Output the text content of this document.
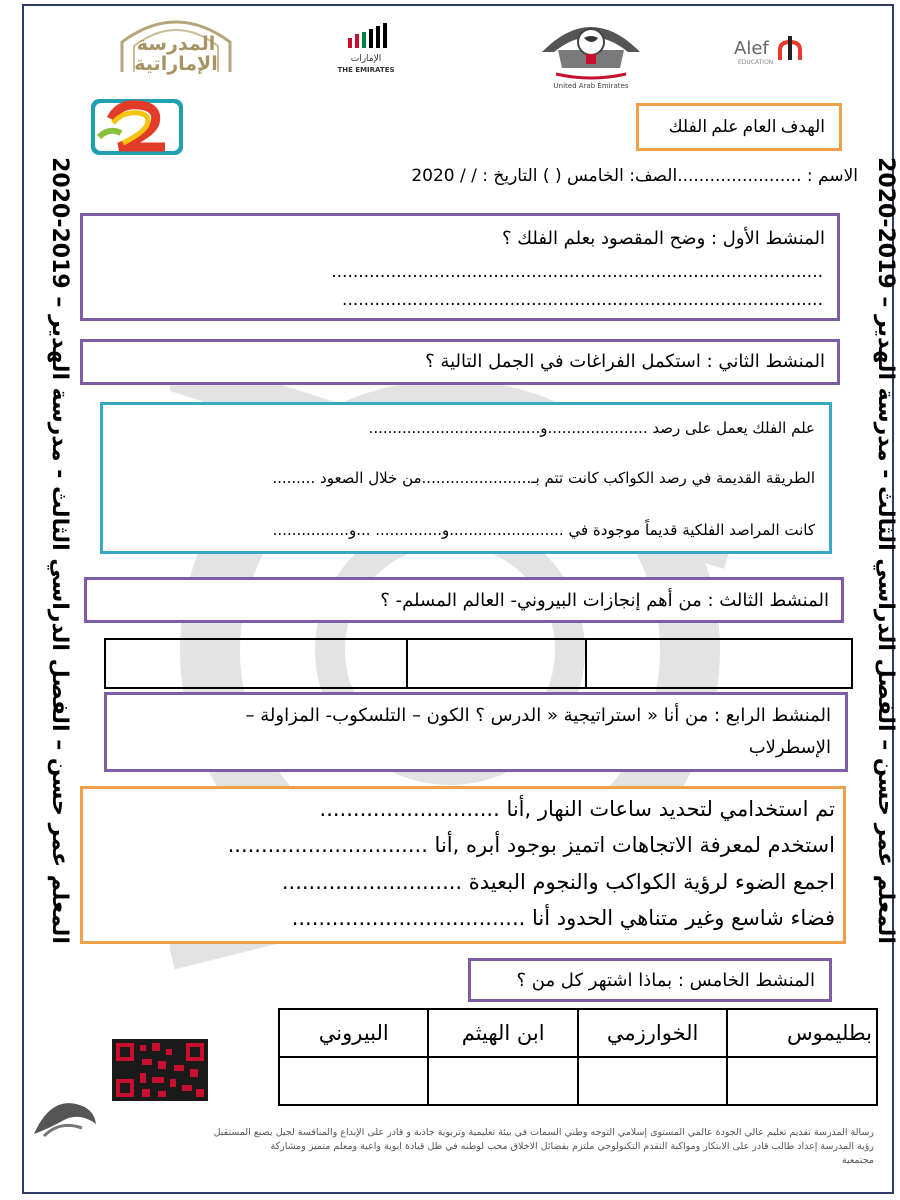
المعلم عمر حسن – الفصل الدراسي الثالث - مدرسة الهدير – 2019-2020
المعلم عمر حسن – الفصل الدراسي الثالث - مدرسة الهدير – 2019-2020
المدرسة الإماراتية	الإمارات
THE EMIRATES
United Arab Emirates
Alef
EDUCATION
الهدف العام علم الفلك
الاسم : .......................الصف: الخامس ( ) التاريخ : / / 2020
المنشط الأول : وضح المقصود بعلم الفلك ؟
...........................................................................................
.........................................................................................
المنشط الثاني : استكمل الفراغات في الجمل التالية ؟
علم الفلك يعمل على رصد .....................و....................................
الطريقة القديمة في رصد الكواكب كانت تتم بـ.......................من خلال الصعود .........
كانت المراصد الفلكية قديماً موجودة في ........................و.............. ...و................
المنشط الثالث : من أهم إنجازات البيروني- العالم المسلم- ؟

المنشط الرابع : من أنا « استراتيجية « الدرس ؟ الكون – التلسكوب- المزاولة –
الإسطرلاب
تم استخدامي لتحديد ساعات النهار ,أنا ...........................
استخدم لمعرفة الاتجاهات اتميز بوجود أبره ,أنا ..............................
اجمع الضوء لرؤية الكواكب والنجوم البعيدة ...........................
فضاء شاسع وغير متناهي الحدود أنا ...................................
المنشط الخامس : بماذا اشتهر كل من ؟
بطليموس	الخوارزمي	ابن الهيثم	البيروني

رسالة المدرسة تقديم تعليم عالي الجودة عالمي المستوى إسلامي التوجه وطني السمات في بيئة تعليمية وتربوية جاذبة و قادر على الإبداع والمنافسة لجيل يصنع المستقبل
رؤية المدرسة إعداد طالب قادر على الابتكار ومواكبة التقدم التكنولوجي ملتزم بفضائل الاخلاق محب لوطنه في ظل قيادة ابوية واعية ومعلم متميز ومشاركة
مجتمعية
